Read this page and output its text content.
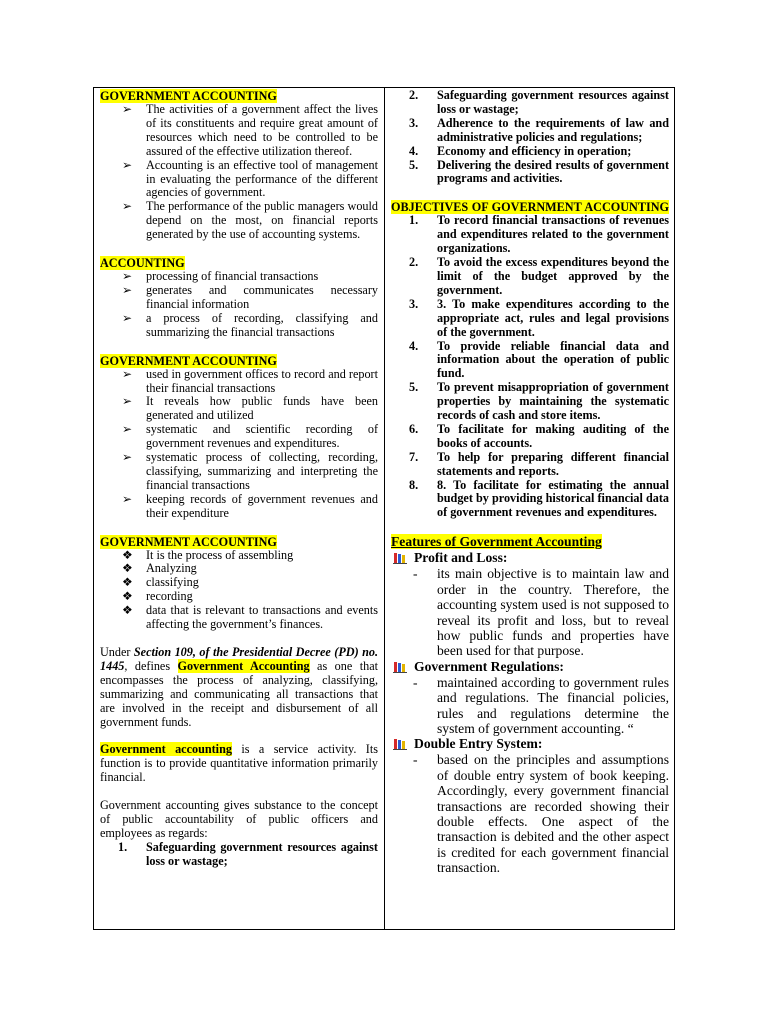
GOVERNMENT ACCOUNTING
➢	The activities of a government affect the lives of its constituents and require great amount of resources which need to be controlled to be assured of the effective utilization thereof.
➢	Accounting is an effective tool of management in evaluating the performance of the different agencies of government.
➢	The performance of the public managers would depend on the most, on financial reports generated by the use of accounting systems.
ACCOUNTING
➢	processing of financial transactions
➢	generates and communicates necessary financial information
➢	a process of recording, classifying and summarizing the financial transactions
GOVERNMENT ACCOUNTING
➢	used in government offices to record and report their financial transactions
➢	It reveals how public funds have been generated and utilized
➢	systematic and scientific recording of government revenues and expenditures.
➢	systematic process of collecting, recording, classifying, summarizing and interpreting the financial transactions
➢	keeping records of government revenues and their expenditure
GOVERNMENT ACCOUNTING
❖	It is the process of assembling
❖	Analyzing
❖	classifying
❖	recording
❖	data that is relevant to transactions and events affecting the government’s finances.

Under Section 109, of the Presidential Decree (PD) no. 1445, defines Government Accounting as one that encompasses the process of analyzing, classifying, summarizing and communicating all transactions that are involved in the receipt and disbursement of all government funds.

Government accounting is a service activity. Its function is to provide quantitative information primarily financial.

Government accounting gives substance to the concept of public accountability of public officers and employees as regards:

1.	Safeguarding government resources against loss or wastage;
2.	Safeguarding government resources against loss or wastage;
3.	Adherence to the requirements of law and administrative policies and regulations;
4.	Economy and efficiency in operation;
5.	Delivering the desired results of government programs and activities.
OBJECTIVES OF GOVERNMENT ACCOUNTING
1.	To record financial transactions of revenues and expenditures related to the government organizations.
2.	To avoid the excess expenditures beyond the limit of the budget approved by the government.
3.	3. To make expenditures according to the appropriate act, rules and legal provisions of the government.
4.	To provide reliable financial data and information about the operation of public fund.
5.	To prevent misappropriation of government properties by maintaining the systematic records of cash and store items.
6.	To facilitate for making auditing of the books of accounts.
7.	To help for preparing different financial statements and reports.
8.	8. To facilitate for estimating the annual budget by providing historical financial data of government revenues and expenditures.
Features of Government Accounting
Profit and Loss:
-	its main objective is to maintain law and order in the country. Therefore, the accounting system used is not supposed to reveal its profit and loss, but to reveal how public funds and properties have been used for that purpose.
Government Regulations:
-	maintained according to government rules and regulations. The financial policies, rules and regulations determine the system of government accounting. “
Double Entry System:
-	based on the principles and assumptions of double entry system of book keeping. Accordingly, every government financial transactions are recorded showing their double effects. One aspect of the transaction is debited and the other aspect is credited for each government financial transaction.
